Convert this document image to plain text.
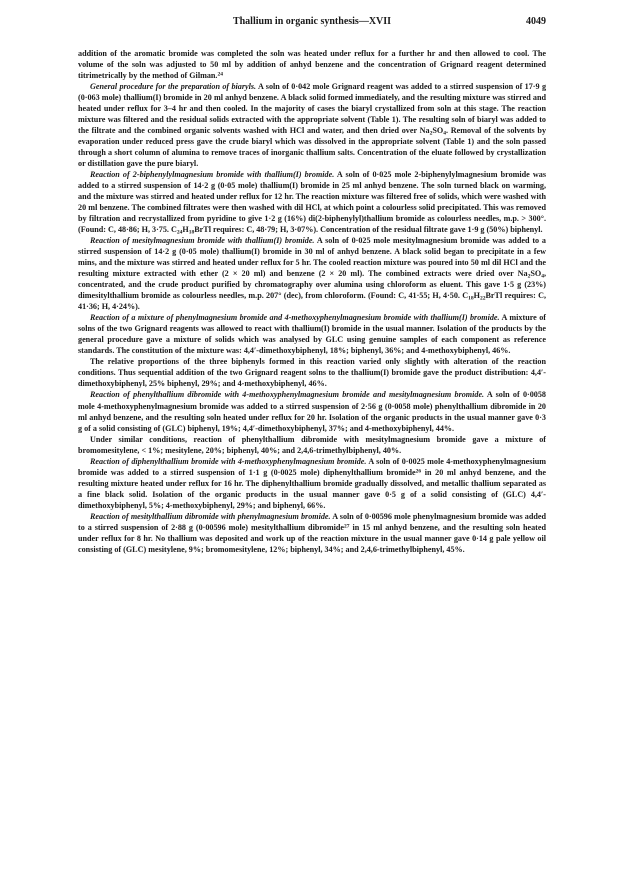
Thallium in organic synthesis—XVII	4049

addition of the aromatic bromide was completed the soln was heated under reflux for a further hr and then allowed to cool. The volume of the soln was adjusted to 50 ml by addition of anhyd benzene and the concentration of Grignard reagent determined titrimetrically by the method of Gilman.$^{24}$

General procedure for the preparation of biaryls. A soln of 0·042 mole Grignard reagent was added to a stirred suspension of 17·9 g (0·063 mole) thallium(I) bromide in 20 ml anhyd benzene. A black solid formed immediately, and the resulting mixture was stirred and heated under reflux for 3–4 hr and then cooled. In the majority of cases the biaryl crystallized from soln at this stage. The reaction mixture was filtered and the residual solids extracted with the appropriate solvent (Table 1). The resulting soln of biaryl was added to the filtrate and the combined organic solvents washed with HCl and water, and then dried over $Na_2SO_4$. Removal of the solvents by evaporation under reduced press gave the crude biaryl which was dissolved in the appropriate solvent (Table 1) and the soln passed through a short column of alumina to remove traces of inorganic thallium salts. Concentration of the eluate followed by crystallization or distillation gave the pure biaryl.

Reaction of 2-biphenylylmagnesium bromide with thallium(I) bromide. A soln of 0·025 mole 2-biphenylylmagnesium bromide was added to a stirred suspension of 14·2 g (0·05 mole) thallium(I) bromide in 25 ml anhyd benzene. The soln turned black on warming, and the mixture was stirred and heated under reflux for 12 hr. The reaction mixture was filtered free of solids, which were washed with 20 ml benzene. The combined filtrates were then washed with dil HCl, at which point a colourless solid precipitated. This was removed by filtration and recrystallized from pyridine to give 1·2 g (16%) di(2-biphenylyl)thallium bromide as colourless needles, m.p. > 300°. (Found: C, 48·86; H, 3·75. $C_{24}H_{18}BrTl$ requires: C, 48·79; H, 3·07%). Concentration of the residual filtrate gave 1·9 g (50%) biphenyl.

Reaction of mesitylmagnesium bromide with thallium(I) bromide. A soln of 0·025 mole mesitylmagnesium bromide was added to a stirred suspension of 14·2 g (0·05 mole) thallium(I) bromide in 30 ml of anhyd benzene. A black solid began to precipitate in a few mins, and the mixture was stirred and heated under reflux for 5 hr. The cooled reaction mixture was poured into 50 ml dil HCl and the resulting mixture extracted with ether (2 × 20 ml) and benzene (2 × 20 ml). The combined extracts were dried over $Na_2SO_4$, concentrated, and the crude product purified by chromatography over alumina using chloroform as eluent. This gave 1·5 g (23%) dimesitylthallium bromide as colourless needles, m.p. 207° (dec), from chloroform. (Found: C, 41·55; H, 4·50. $C_{18}H_{22}BrTl$ requires: C, 41·36; H, 4·24%).

Reaction of a mixture of phenylmagnesium bromide and 4-methoxyphenylmagnesium bromide with thallium(I) bromide. A mixture of solns of the two Grignard reagents was allowed to react with thallium(I) bromide in the usual manner. Isolation of the products by the general procedure gave a mixture of solids which was analysed by GLC using genuine samples of each component as reference standards. The constitution of the mixture was: 4,4′-dimethoxybiphenyl, 18%; biphenyl, 36%; and 4-methoxybiphenyl, 46%.

The relative proportions of the three biphenyls formed in this reaction varied only slightly with alteration of the reaction conditions. Thus sequential addition of the two Grignard reagent solns to the thallium(I) bromide gave the product distribution: 4,4′-dimethoxybiphenyl, 25% biphenyl, 29%; and 4-methoxybiphenyl, 46%.

Reaction of phenylthallium dibromide with 4-methoxyphenylmagnesium bromide and mesitylmagnesium bromide. A soln of 0·0058 mole 4-methoxyphenylmagnesium bromide was added to a stirred suspension of 2·56 g (0·0058 mole) phenylthallium dibromide in 20 ml anhyd benzene, and the resulting soln heated under reflux for 20 hr. Isolation of the organic products in the usual manner gave 0·3 g of a solid consisting of (GLC) biphenyl, 19%; 4,4′-dimethoxybiphenyl, 37%; and 4-methoxybiphenyl, 44%.

Under similar conditions, reaction of phenylthallium dibromide with mesitylmagnesium bromide gave a mixture of bromomesitylene, < 1%; mesitylene, 20%; biphenyl, 40%; and 2,4,6-trimethylbiphenyl, 40%.

Reaction of diphenylthallium bromide with 4-methoxyphenylmagnesium bromide. A soln of 0·0025 mole 4-methoxyphenylmagnesium bromide was added to a stirred suspension of 1·1 g (0·0025 mole) diphenylthallium bromide$^{26}$ in 20 ml anhyd benzene, and the resulting mixture heated under reflux for 16 hr. The diphenylthallium bromide gradually dissolved, and metallic thallium separated as a fine black solid. Isolation of the organic products in the usual manner gave 0·5 g of a solid consisting of (GLC) 4,4′-dimethoxybiphenyl, 5%; 4-methoxybiphenyl, 29%; and biphenyl, 66%.

Reaction of mesitylthallium dibromide with phenylmagnesium bromide. A soln of 0·00596 mole phenylmagnesium bromide was added to a stirred suspension of 2·88 g (0·00596 mole) mesitylthallium dibromide$^{27}$ in 15 ml anhyd benzene, and the resulting soln heated under reflux for 8 hr. No thallium was deposited and work up of the reaction mixture in the usual manner gave 0·14 g pale yellow oil consisting of (GLC) mesitylene, 9%; bromomesitylene, 12%; biphenyl, 34%; and 2,4,6-trimethylbiphenyl, 45%.
